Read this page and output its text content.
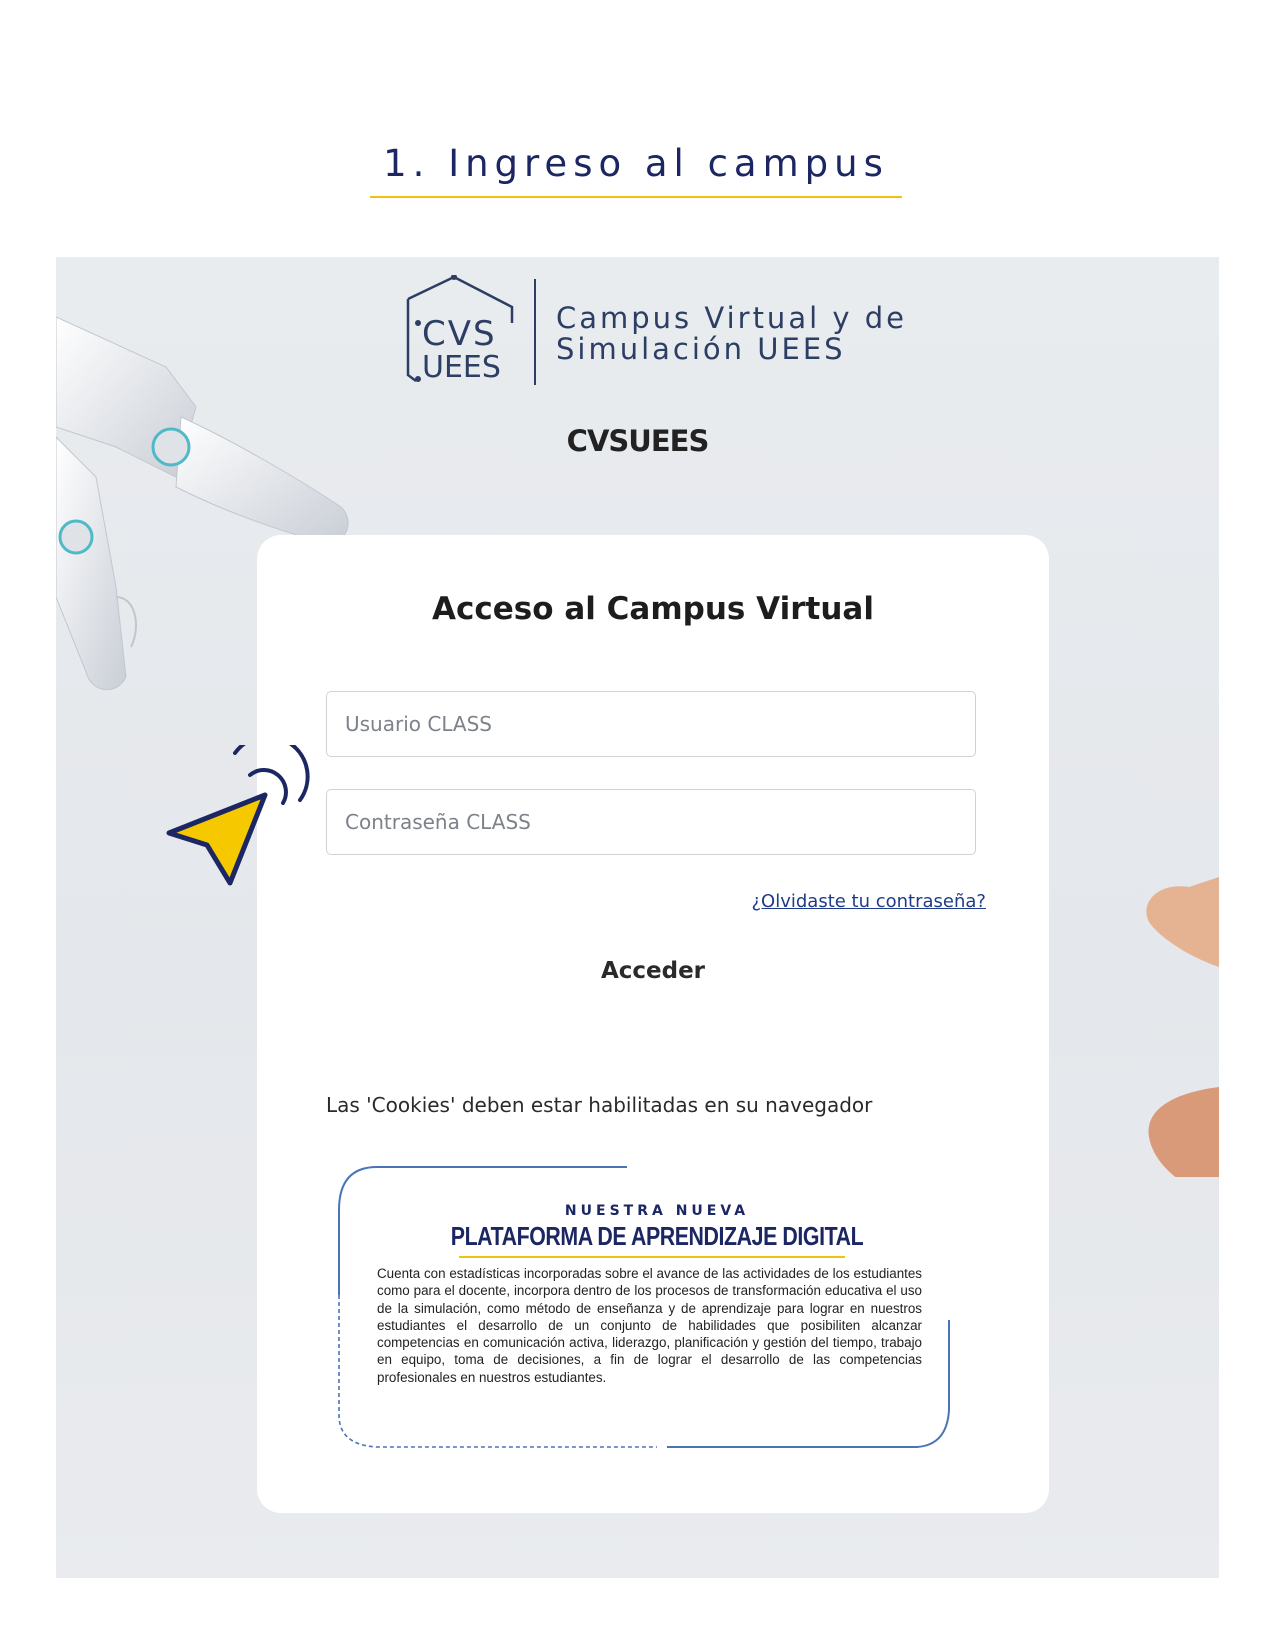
1. Ingreso al campus
CVS
UEES
Campus Virtual y de
Simulación UEES
CVSUEES
Acceso al Campus Virtual
Usuario CLASS
¿Olvidaste tu contraseña?
Acceder
Las 'Cookies' deben estar habilitadas en su navegador
NUESTRA NUEVA
PLATAFORMA DE APRENDIZAJE DIGITAL
Cuenta con estadísticas incorporadas sobre el avance de las actividades de los estudiantes como para el docente, incorpora dentro de los procesos de transformación educativa el uso de la simulación, como método de enseñanza y de aprendizaje para lograr en nuestros estudiantes el desarrollo de un conjunto de habilidades que posibiliten alcanzar competencias en comunicación activa, liderazgo, planificación y gestión del tiempo, trabajo en equipo, toma de decisiones, a fin de lograr el desarrollo de las competencias profesionales en nuestros estudiantes.
